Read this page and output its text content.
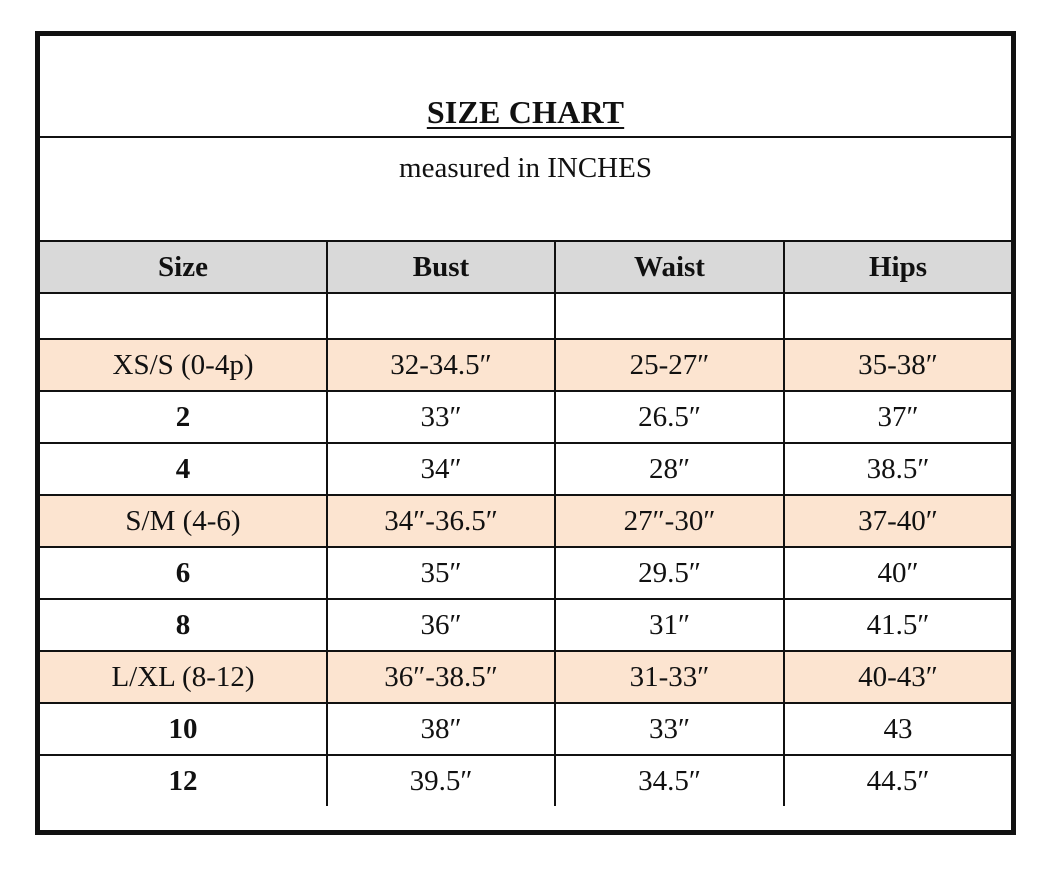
SIZE CHART
measured in INCHES
Size	Bust	Waist	Hips

XS/S (0-4p)	32-34.5″	25-27″	35-38″
2	33″	26.5″	37″
4	34″	28″	38.5″
S/M (4-6)	34″-36.5″	27″-30″	37-40″
6	35″	29.5″	40″
8	36″	31″	41.5″
L/XL (8-12)	36″-38.5″	31-33″	40-43″
10	38″	33″	43
12	39.5″	34.5″	44.5″
